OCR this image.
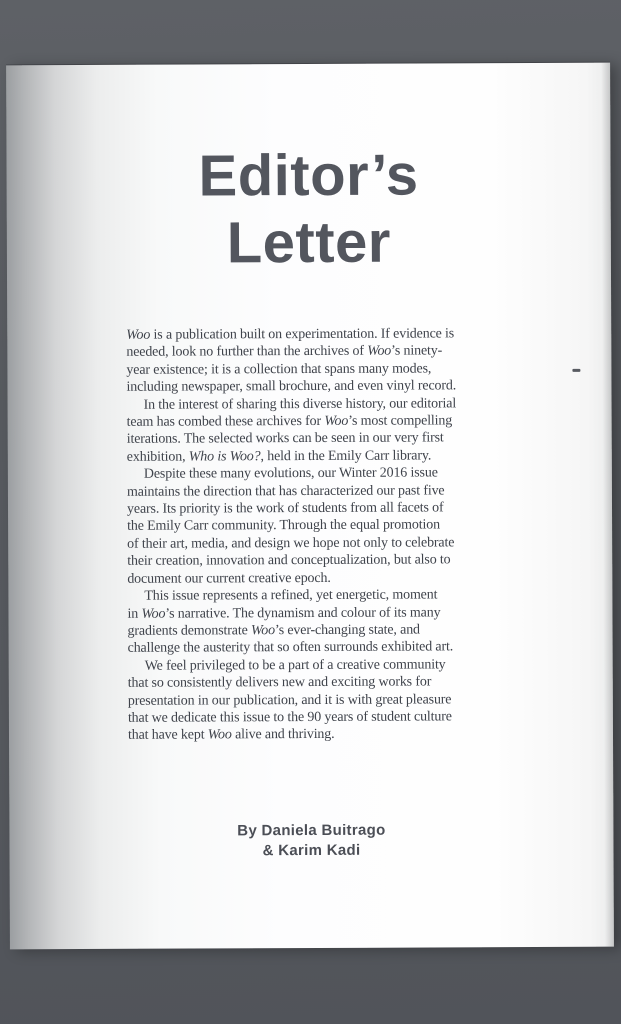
Editor’s
Letter
Woo is a publication built on experimentation. If evidence is
needed, look no further than the archives of Woo’s ninety-
year existence; it is a collection that spans many modes,
including newspaper, small brochure, and even vinyl record.
In the interest of sharing this diverse history, our editorial
team has combed these archives for Woo’s most compelling
iterations. The selected works can be seen in our very first
exhibition, Who is Woo?, held in the Emily Carr library.
Despite these many evolutions, our Winter 2016 issue
maintains the direction that has characterized our past five
years. Its priority is the work of students from all facets of
the Emily Carr community. Through the equal promotion
of their art, media, and design we hope not only to celebrate
their creation, innovation and conceptualization, but also to
document our current creative epoch.
This issue represents a refined, yet energetic, moment
in Woo’s narrative. The dynamism and colour of its many
gradients demonstrate Woo’s ever-changing state, and
challenge the austerity that so often surrounds exhibited art.
We feel privileged to be a part of a creative community
that so consistently delivers new and exciting works for
presentation in our publication, and it is with great pleasure
that we dedicate this issue to the 90 years of student culture
that have kept Woo alive and thriving.
By Daniela Buitrago
& Karim Kadi
